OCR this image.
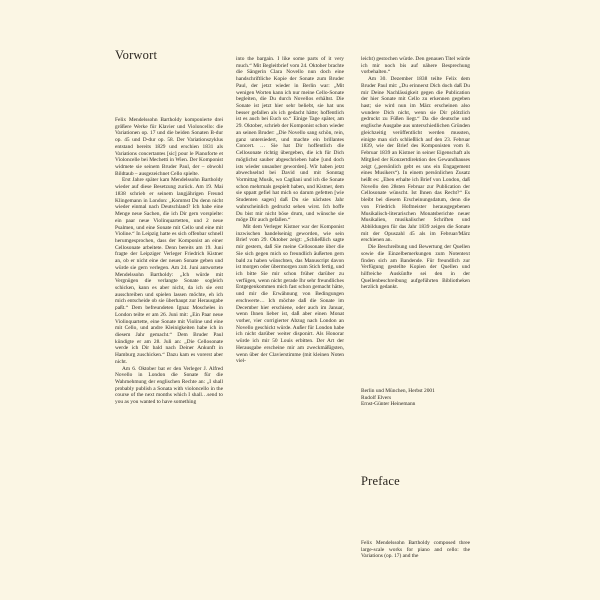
Vorwort

Felix Mendelssohn Bartholdy komponierte drei größere Werke für Klavier und Violoncello: die Variationen op. 17 und die beiden Sonaten B-dur op. 45 und D-dur op. 58. Der Variationszyklus entstand bereits 1829 und erschien 1831 als Variations concertantes [sic] pour le Pianoforte et Violoncelle bei Mechetti in Wien. Der Komponist widmete sie seinem Bruder Paul, der – obwohl Bildtaub – ausgezeichnet Cello spielte.

Erst Jahre später kam Mendelssohn Bartholdy wieder auf diese Besetzung zurück. Am 19. Mai 1838 schrieb er seinem langjährigen Freund Klingemann in London: „Kommst Du denn nicht wieder einmal nach Deutschland? Ich habe eine Menge neue Sachen, die ich Dir gern vorspielte: ein paar neue Violinquartetten, und 2 neue Psalmen, und eine Sonate mit Cello und eine mit Violine.“ In Leipzig hatte es sich offenbar schnell herumgesprochen, dass der Komponist an einer Cellosonate arbeitete. Denn bereits am 19. Juni fragte der Leipziger Verleger Friedrich Kistner an, ob er nicht eine der neuen Sonate geben und würde sie gern verlegen. Am 24. Juni antwortete Mendelssohn Bartholdy: „Ich würde mit Vergnügen die verlangte Sonate sogleich schicken, kann es aber nicht, da ich sie erst ausschreiben und spielen lassen möchte, eh ich mich entscheide ob sie überhaupt zur Herausgabe paßt.“ Dem befreundeten Ignaz Moscheles in London teilte er am 26. Juni mit: „Ein Paar neue Violinquartette, eine Sonate mit Violine und eine mit Cello, und andre Kleinigkeiten habe ich in diesem Jahr gemacht.“ Dem Bruder Paul kündigte er am 28. Juli an: „Die Cellosonate werde ich Dir bald nach Deiner Ankunft in Hamburg zuschicken.“ Dazu kam es vorerst aber nicht.

Am 6. Oktober bat er den Verleger J. Alfred Novello in London die Sonate für die Wahrnehmung der englischen Rechte an: „I shall probably publish a Sonata with violoncello in the course of the next months which I shall…send to you as you wanted to have something

into the bargain. I like some parts of it very much.“ Mit Begleitbrief vom 24. Oktober brachte die Sängerin Clara Novello nun doch eine handschriftliche Kopie der Sonate zum Bruder Paul, der jetzt wieder in Berlin war: „Mit wenigen Worten kann ich nur meine Cello-Sonate begleiten, die Du durch Novellos erhältst. Die Sonate ist jetzt hier sehr beliebt, sie hat uns besser gefallen als ich gedacht hätte; hoffentlich ist es auch bei Euch so.“ Einige Tage später, am 29. Oktober, schrieb der Komponist schon wieder an seinen Bruder: „Die Novello sang schön, rein, ganz untersiedert, und machte ein brillantes Concert. … Sie hat Dir hoffentlich die Cellosonate richtig übergeben, die ich für Dich möglichst sauber abgeschrieben habe [und doch ists wieder unsauber geworden]. Wir haben jetzt abwechselnd bei David und mit Sonntag Vormittag Musik, wo Cagliani und ich die Sonate schon mehrmals gespielt haben, und Kistner, dem sie sppatt gefiel hat mich so darum gefetten [wie Studenten sagen] daß Du sie nächstes Jahr wahrscheinlich gedruckt sehen wirst. Ich hoffe Du bist mir nicht böse drum, und wünsche sie möge Dir auch gefallen.“

Mit dem Verleger Kistner war der Komponist inzwischen handelseinig geworden, wie sein Brief vom 29. Oktober zeigt: „Schließlich sagte mir gestern, daß Sie meine Cellosonate über die Sie sich gegen mich so freundlich äußerten gern bald zu haben wünschten, das Manuscript davon ist morgen oder übermorgen zum Stich fertig, und ich bitte Sie mir schon früher darüber zu verfügen, wenn nicht gerade Ihr sehr freundliches Entgegenkommen mich fast schon gemacht hätte, und mir die Erwähnung von Bedingungen erschwerte… Ich möchte daß die Sonate im December hier erschiene, oder auch im Januar, wenn Ihnen lieber ist, daß aber einen Monat vorher, vier corrigierter Abzug nach London an Novello geschickt würde. Außer für London habe ich nicht darüber weiter disponirt. Als Honorar würde ich mir 50 Louis erbitten. Der Art der Herausgabe erscheine mir am zweckmäßigsten, wenn über der Clavierstimme (mit kleinen Noten viel-

leicht) gestochen würde. Den genauen Titel würde ich mir noch bis auf nähere Besprechung vorbehalten.“

Am 30. Dezember 1838 teilte Felix dem Bruder Paul mit: „Du erinnerst Dich doch daß Du mir Deine Nachlässigkeit gegen die Publication der hier Sonate mit Cello zu erkennen gegeben hast; sie wird nun im März erscheinen also wundere Dich nicht, wenn sie Dir plötzlich gedruckt zu Füßen liegt.“ Da die deutsche und englische Ausgabe aus unterschiedlichen Gründen gleichzeitig veröffentlicht werden mussten, einigte man sich schließlich auf den 23. Februar 1839, wie der Brief des Komponisten vom 8. Februar 1839 an Kistner in seiner Eigenschaft als Mitglied der Konzertdirektion des Gewandhauses zeigt („persönlich gebt es uns ein Engagement eines Musikers“). In einem persönlichen Zusatz heißt es: „Eben erhalte ich Brief von London, daß Novello den 28sten Februar zur Publication der Cellosonate wünscht. Ist Ihnen das Recht?“ Es bleibt bei diesem Erscheinungsdatum, denn die von Friedrich Hofmeister herausgegebenen Musikalisch-literarischen Monatsberichte neuer Musikalien, musikalischer Schriften und Abbildungen für das Jahr 1839 zeigen die Sonate mit der Opuszahl 45 als im Februar/März erschienen an.

Die Beschreibung und Bewertung der Quellen sowie die Einzelbemerkungen zum Notentext finden sich am Bandende. Für freundlich zur Verfügung gestellte Kopien der Quellen und hilfreiche Auskünfte sei den in der Quellenbeschreibung aufgeführten Bibliotheken herzlich gedankt.

Berlin und München, Herbst 2001
Rudolf Elvers
Ernst-Günter Heinemann
Preface

Felix Mendelssohn Bartholdy composed three large-scale works for piano and cello: the Variations (op. 17) and the
